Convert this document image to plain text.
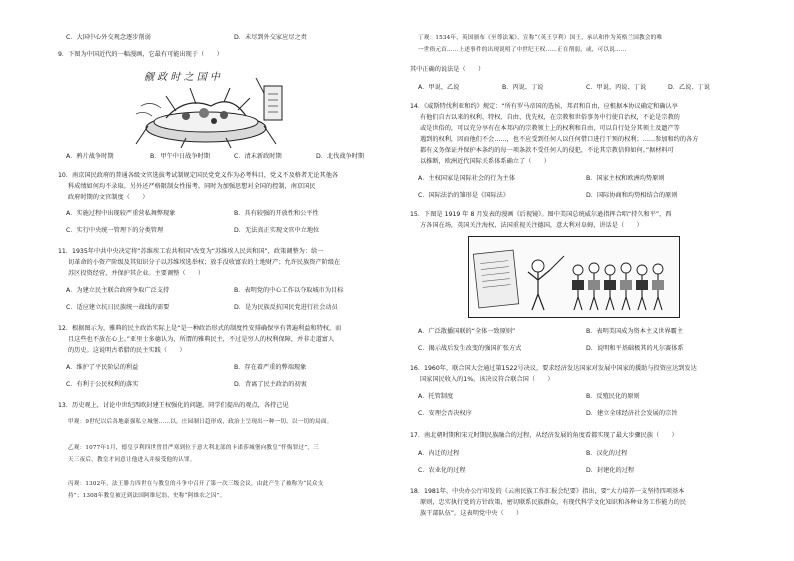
C．大国中心外交观念逐步削弱	D．未尽到外交家应尽之责
9．下图为中国近代的一幅漫画，它最有可能出现于（　　）
觎 政 时 之 国 中
A．鸦片战争时期	B．甲午中日战争时期	C．清末新政时期	D．北伐战争时期
10．南京国民政府的普通各级文官选拔考试制规定国民党党义作为必考科目，党义不及格者无论其他各
科成绩如何均不录取。另外还严格限制女性报考。同时为加强思想对全国的控制，南京国民
政府时期的文官制度（　　）
A．实施过程中出现较严重营私舞弊现象	B．具有较强的开放性和公平性
C．实行中央统一管理下的分类管理	D．无法真正实现文官中立地位
11．1935年中共中央决定将“苏维埃工农共和国”改变为“苏维埃人民共和国”，政策调整为：给一
切革命的小资产阶级及其知识分子以苏维埃选举权；放手没收富农的土地财产；允许民族资产阶级在
苏区投资经营，并保护其企业。主要调整（　　）
A．为建立民主联合政府争取广泛支持	B．表明党的中心工作以夺取城市为目标
C．适应建立抗日民族统一战线的需要	D．是为民族反抗国民党进行社会动员
12．根据图示为，雅典的民主政治实际上是“是一种政治形式的制度性安排确保享有普遍利益和特权，而
且这些也不放在心上。”亚里士多德认为，所谓的雅典民主，不过是穷人的权利保障，并非走道富人
的历史。这说明古希腊的民主实践（　　）
A．维护了平民阶层的利益	B．存在着严重的弊端现象
C．有利于公民权利的落实	D．背离了民主政治的初衷
13．历史观上，讨论中世纪西欧封建王权强化的问题，同学们提出的观点，各持己见
甲观：9世纪以后各地豪强私立城堡……以，庄园制日趋形成，政治上呈现出一种一切、以一切的局面。
乙观：1077年1月，德皇亨利四世曾冒严寒到位于意大利北部的卡诺莎城堡向教皇“忏悔罪过”，三
天三夜后，教皇才同意让他进入并接受他的认罪。
丙观：1302年，法王腓力四世在与教皇的斗争中召开了第一次三级会议，由此产生了被称为“民众支
持”；1308年教皇被迁到法国阿维尼翁，史称“阿维农之囚”。
丁观：1534年，英国颁布《至尊法案》，宣称“（英王亨利）国王，承认和作为英格兰国教会的唯
一世俗元首……上述事件的出现说明了中世纪王权……正在削弱，或，可以说……
其中正确的说法是（　　）
A．甲说、乙说	B．丙说、丁说	C．甲说、丙说、丁说	D．乙说、丁说
14．《威斯特伐利亚和约》规定：“所有罗马帝国的选侯、邦君和自由，应根据本协议确定和确认享
有他们自古以来的权利、特权、自由、优先权，在宗教和世俗事务中行使自治权，不论是宗教的
或是世俗的，可以充分享有在本邦内的宗教领土上的权利和自由，可以自行处分其领土及遗产等
遇到的权利，因而他们不会……，也不应受到任何人以任何借口进行干预的权利；……参加和约的各方
都有义务保证并保护本条约的每一项条款不受任何人的侵犯，不论其宗教信仰如何。”据材料可
以推断，欧洲近代国际关系体系确立了（　　）
A．主权国家是国际社会的行为主体	B．国家主权和欧洲均势原则
C．国际法治的雏形是《国际法》	D．国际协商和均势相结合的原则
15．下图是 1919 年 8 月发表的漫画《后视镜》。图中美国总统威尔逊指挥合唱“持久和平”，西
方各国在场，英国关注海权，法国重视关注德国，意大利对阜姆，讲话是（　　）
A．广泛散播国联的“全体一致原则”	B．表明美国成为资本主义世界霸主
C．揭示战后发生改变的强国扩张方式	D．说明和平基础极其的凡尔赛体系
16．1960年，联合国大会通过第1522号决议，要求经济发达国家对发展中国家的援助与投资应达到发达
国家国民收入的1%。该决议符合联合国（　　）
A．托管制度	B．反殖民化的原则
C．安理会否决权序	D．建立全球经济社会发展的宗旨
17．南北朝时期和宋元时期民族融合的过程，从经济发展的角度看都实现了最大步骤民族（　　）
A．内迁的过程	B．汉化的过程
C．农业化的过程	D．封建化的过程
18．1981年，中央办公厅印发的《云南民族工作汇报会纪要》指出，要“大力培养一支坚持四项基本
原则，忠实执行党的方针政策，密切联系民族群众，有现代科学文化知识和各种业务工作能力的民
族干部队伍”。这表明党中央（　　）
